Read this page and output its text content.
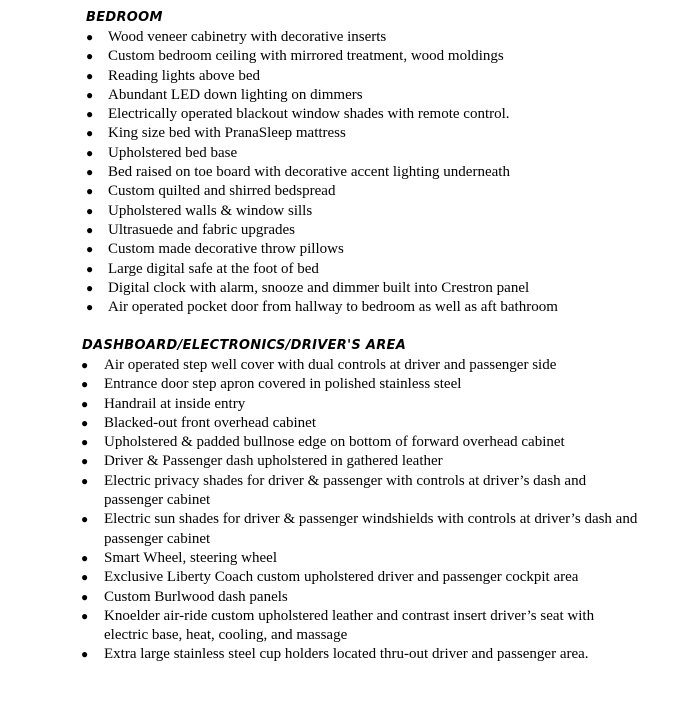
BEDROOM
● Wood veneer cabinetry with decorative inserts
● Custom bedroom ceiling with mirrored treatment, wood moldings
● Reading lights above bed
● Abundant LED down lighting on dimmers
● Electrically operated blackout window shades with remote control.
● King size bed with PranaSleep mattress
● Upholstered bed base
● Bed raised on toe board with decorative accent lighting underneath
● Custom quilted and shirred bedspread
● Upholstered walls & window sills
● Ultrasuede and fabric upgrades
● Custom made decorative throw pillows
● Large digital safe at the foot of bed
● Digital clock with alarm, snooze and dimmer built into Crestron panel
● Air operated pocket door from hallway to bedroom as well as aft bathroom
DASHBOARD/ELECTRONICS/DRIVER'S AREA
● Air operated step well cover with dual controls at driver and passenger side
● Entrance door step apron covered in polished stainless steel
● Handrail at inside entry
● Blacked-out front overhead cabinet
● Upholstered & padded bullnose edge on bottom of forward overhead cabinet
● Driver & Passenger dash upholstered in gathered leather
● Electric privacy shades for driver & passenger with controls at driver’s dash and passenger cabinet
● Electric sun shades for driver & passenger windshields with controls at driver’s dash and passenger cabinet
● Smart Wheel, steering wheel
● Exclusive Liberty Coach custom upholstered driver and passenger cockpit area
● Custom Burlwood dash panels
● Knoelder air-ride custom upholstered leather and contrast insert driver’s seat with electric base, heat, cooling, and massage
● Extra large stainless steel cup holders located thru-out driver and passenger area.
